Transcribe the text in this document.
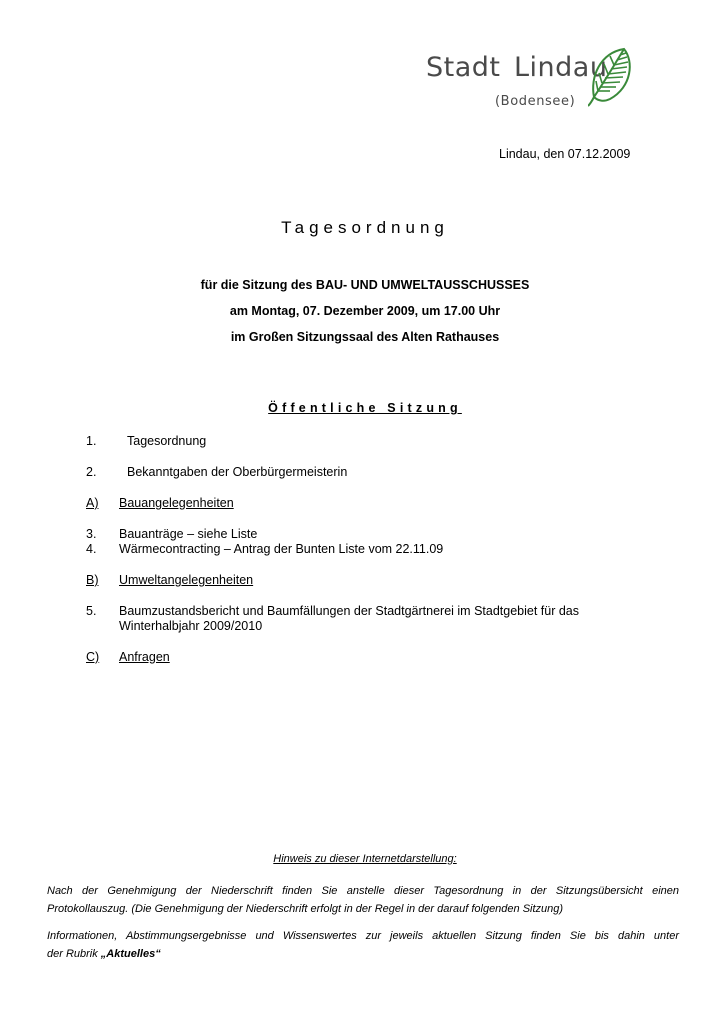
Stadt Lindau
(Bodensee)
Lindau, den 07.12.2009
Tagesordnung
für die Sitzung des BAU- UND UMWELTAUSSCHUSSES
am Montag, 07. Dezember 2009, um 17.00 Uhr
im Großen Sitzungssaal des Alten Rathauses
Öffentliche Sitzung
1. Tagesordnung
2. Bekanntgaben der Oberbürgermeisterin
A) Bauangelegenheiten
3. Bauanträge – siehe Liste
4. Wärmecontracting – Antrag der Bunten Liste vom 22.11.09
B) Umweltangelegenheiten
5. Baumzustandsbericht und Baumfällungen der Stadtgärtnerei im Stadtgebiet für das
Winterhalbjahr 2009/2010
C) Anfragen
Hinweis zu dieser Internetdarstellung:
Nach der Genehmigung der Niederschrift finden Sie anstelle dieser Tagesordnung in der Sitzungsübersicht einen
Protokollauszug. (Die Genehmigung der Niederschrift erfolgt in der Regel in der darauf folgenden Sitzung)
Informationen, Abstimmungsergebnisse und Wissenswertes zur jeweils aktuellen Sitzung finden Sie bis dahin unter
der Rubrik „Aktuelles“
